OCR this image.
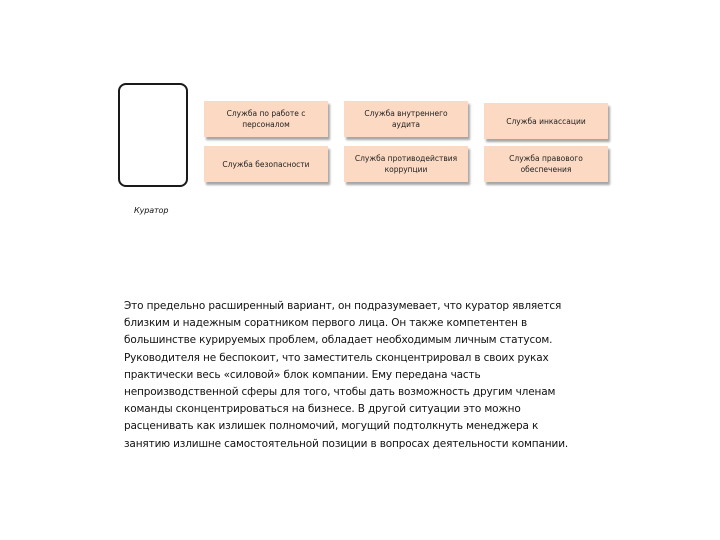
Куратор
Служба по работе с
персоналом
Служба внутреннего
аудита	Служба инкассации
Служба безопасности
Служба противодействия
коррупции
Служба правового
обеспечения
Это предельно расширенный вариант, он подразумевает, что куратор является
близким и надежным соратником первого лица. Он также компетентен в
большинстве курируемых проблем, обладает необходимым личным статусом.
Руководителя не беспокоит, что заместитель сконцентрировал в своих руках
практически весь «силовой» блок компании. Ему передана часть
непроизводственной сферы для того, чтобы дать возможность другим членам
команды сконцентрироваться на бизнесе. В другой ситуации это можно
расценивать как излишек полномочий, могущий подтолкнуть менеджера к
занятию излишне самостоятельной позиции в вопросах деятельности компании.
